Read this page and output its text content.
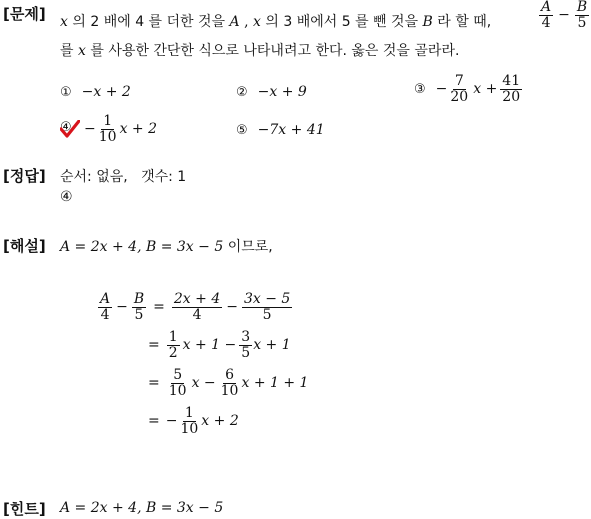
[문제] x 의 2 배에 4 를 더한 것을 A , x 의 3 배에서 5 를 뺀 것을 B 라 할 때,	$\frac{A}{4} - \frac{B}{5}$
를 x 를 사용한 간단한 식으로 나타내려고 한다. 옳은 것을 골라라.
① −x + 2	② −x + 9	③ − $\frac{7}{20}$ $x + \frac{41}{20}$
④ − $\frac{1}{10}$ x + 2	⑤ −7x + 41
[정답] 순서: 없음,   갯수: 1
④
[해설] A = 2x + 4, B = 3x − 5 이므로,
$\frac{A}{4} - \frac{B}{5} = \frac{2x + 4}{4} - \frac{3x - 5}{5}$
= $\frac{1}{2}$ $x + 1 - \frac{3}{5}$ x + 1
= $\frac{5}{10}$ $x - \frac{6}{10}$ x + 1 + 1
= − $\frac{1}{10}$ x + 2
[힌트] A = 2x + 4, B = 3x − 5
